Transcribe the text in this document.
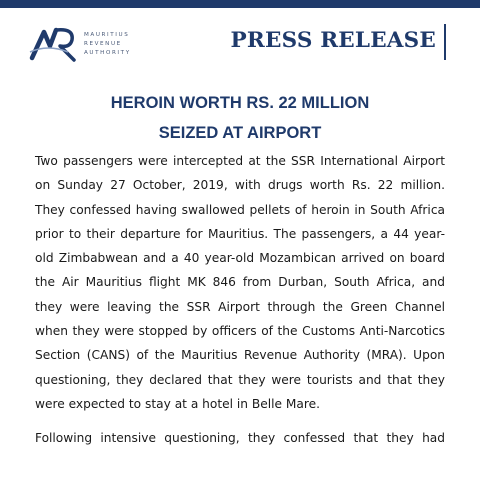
MAURITIUS
REVENUE
AUTHORITY	PRESS RELEASE
HEROIN WORTH RS. 22 MILLION
SEIZED AT AIRPORT

Two passengers were intercepted at the SSR International Airport on Sunday 27 October, 2019, with drugs worth Rs. 22 million. They confessed having swallowed pellets of heroin in South Africa prior to their departure for Mauritius. The passengers, a 44 year-old Zimbabwean and a 40 year-old Mozambican arrived on board the Air Mauritius flight MK 846 from Durban, South Africa, and they were leaving the SSR Airport through the Green Channel when they were stopped by officers of the Customs Anti-Narcotics Section (CANS) of the Mauritius Revenue Authority (MRA). Upon questioning, they declared that they were tourists and that they were expected to stay at a hotel in Belle Mare.

Following intensive questioning, they confessed that they had
